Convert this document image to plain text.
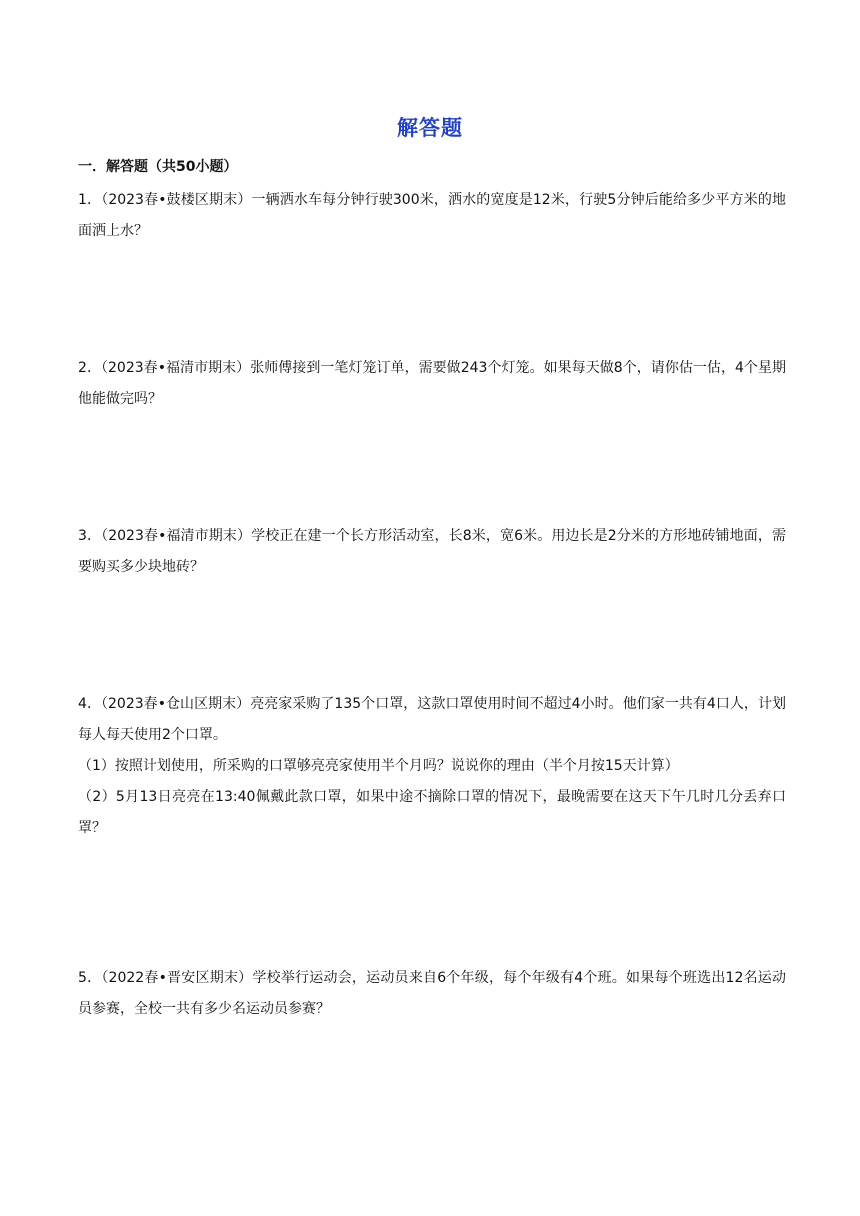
解答题
一．解答题（共50小题）

1．（2023春•鼓楼区期末）一辆洒水车每分钟行驶300米，洒水的宽度是12米，行驶5分钟后能给多少平方米的地面洒上水？

2．（2023春•福清市期末）张师傅接到一笔灯笼订单，需要做243个灯笼。如果每天做8个，请你估一估，4个星期他能做完吗？

3．（2023春•福清市期末）学校正在建一个长方形活动室，长8米，宽6米。用边长是2分米的方形地砖铺地面，需要购买多少块地砖？

4．（2023春•仓山区期末）亮亮家采购了135个口罩，这款口罩使用时间不超过4小时。他们家一共有4口人，计划每人每天使用2个口罩。

（1）按照计划使用，所采购的口罩够亮亮家使用半个月吗？说说你的理由（半个月按15天计算）

（2）5月13日亮亮在13:40佩戴此款口罩，如果中途不摘除口罩的情况下，最晚需要在这天下午几时几分丢弃口罩？

5．（2022春•晋安区期末）学校举行运动会，运动员来自6个年级，每个年级有4个班。如果每个班选出12名运动员参赛，全校一共有多少名运动员参赛？
